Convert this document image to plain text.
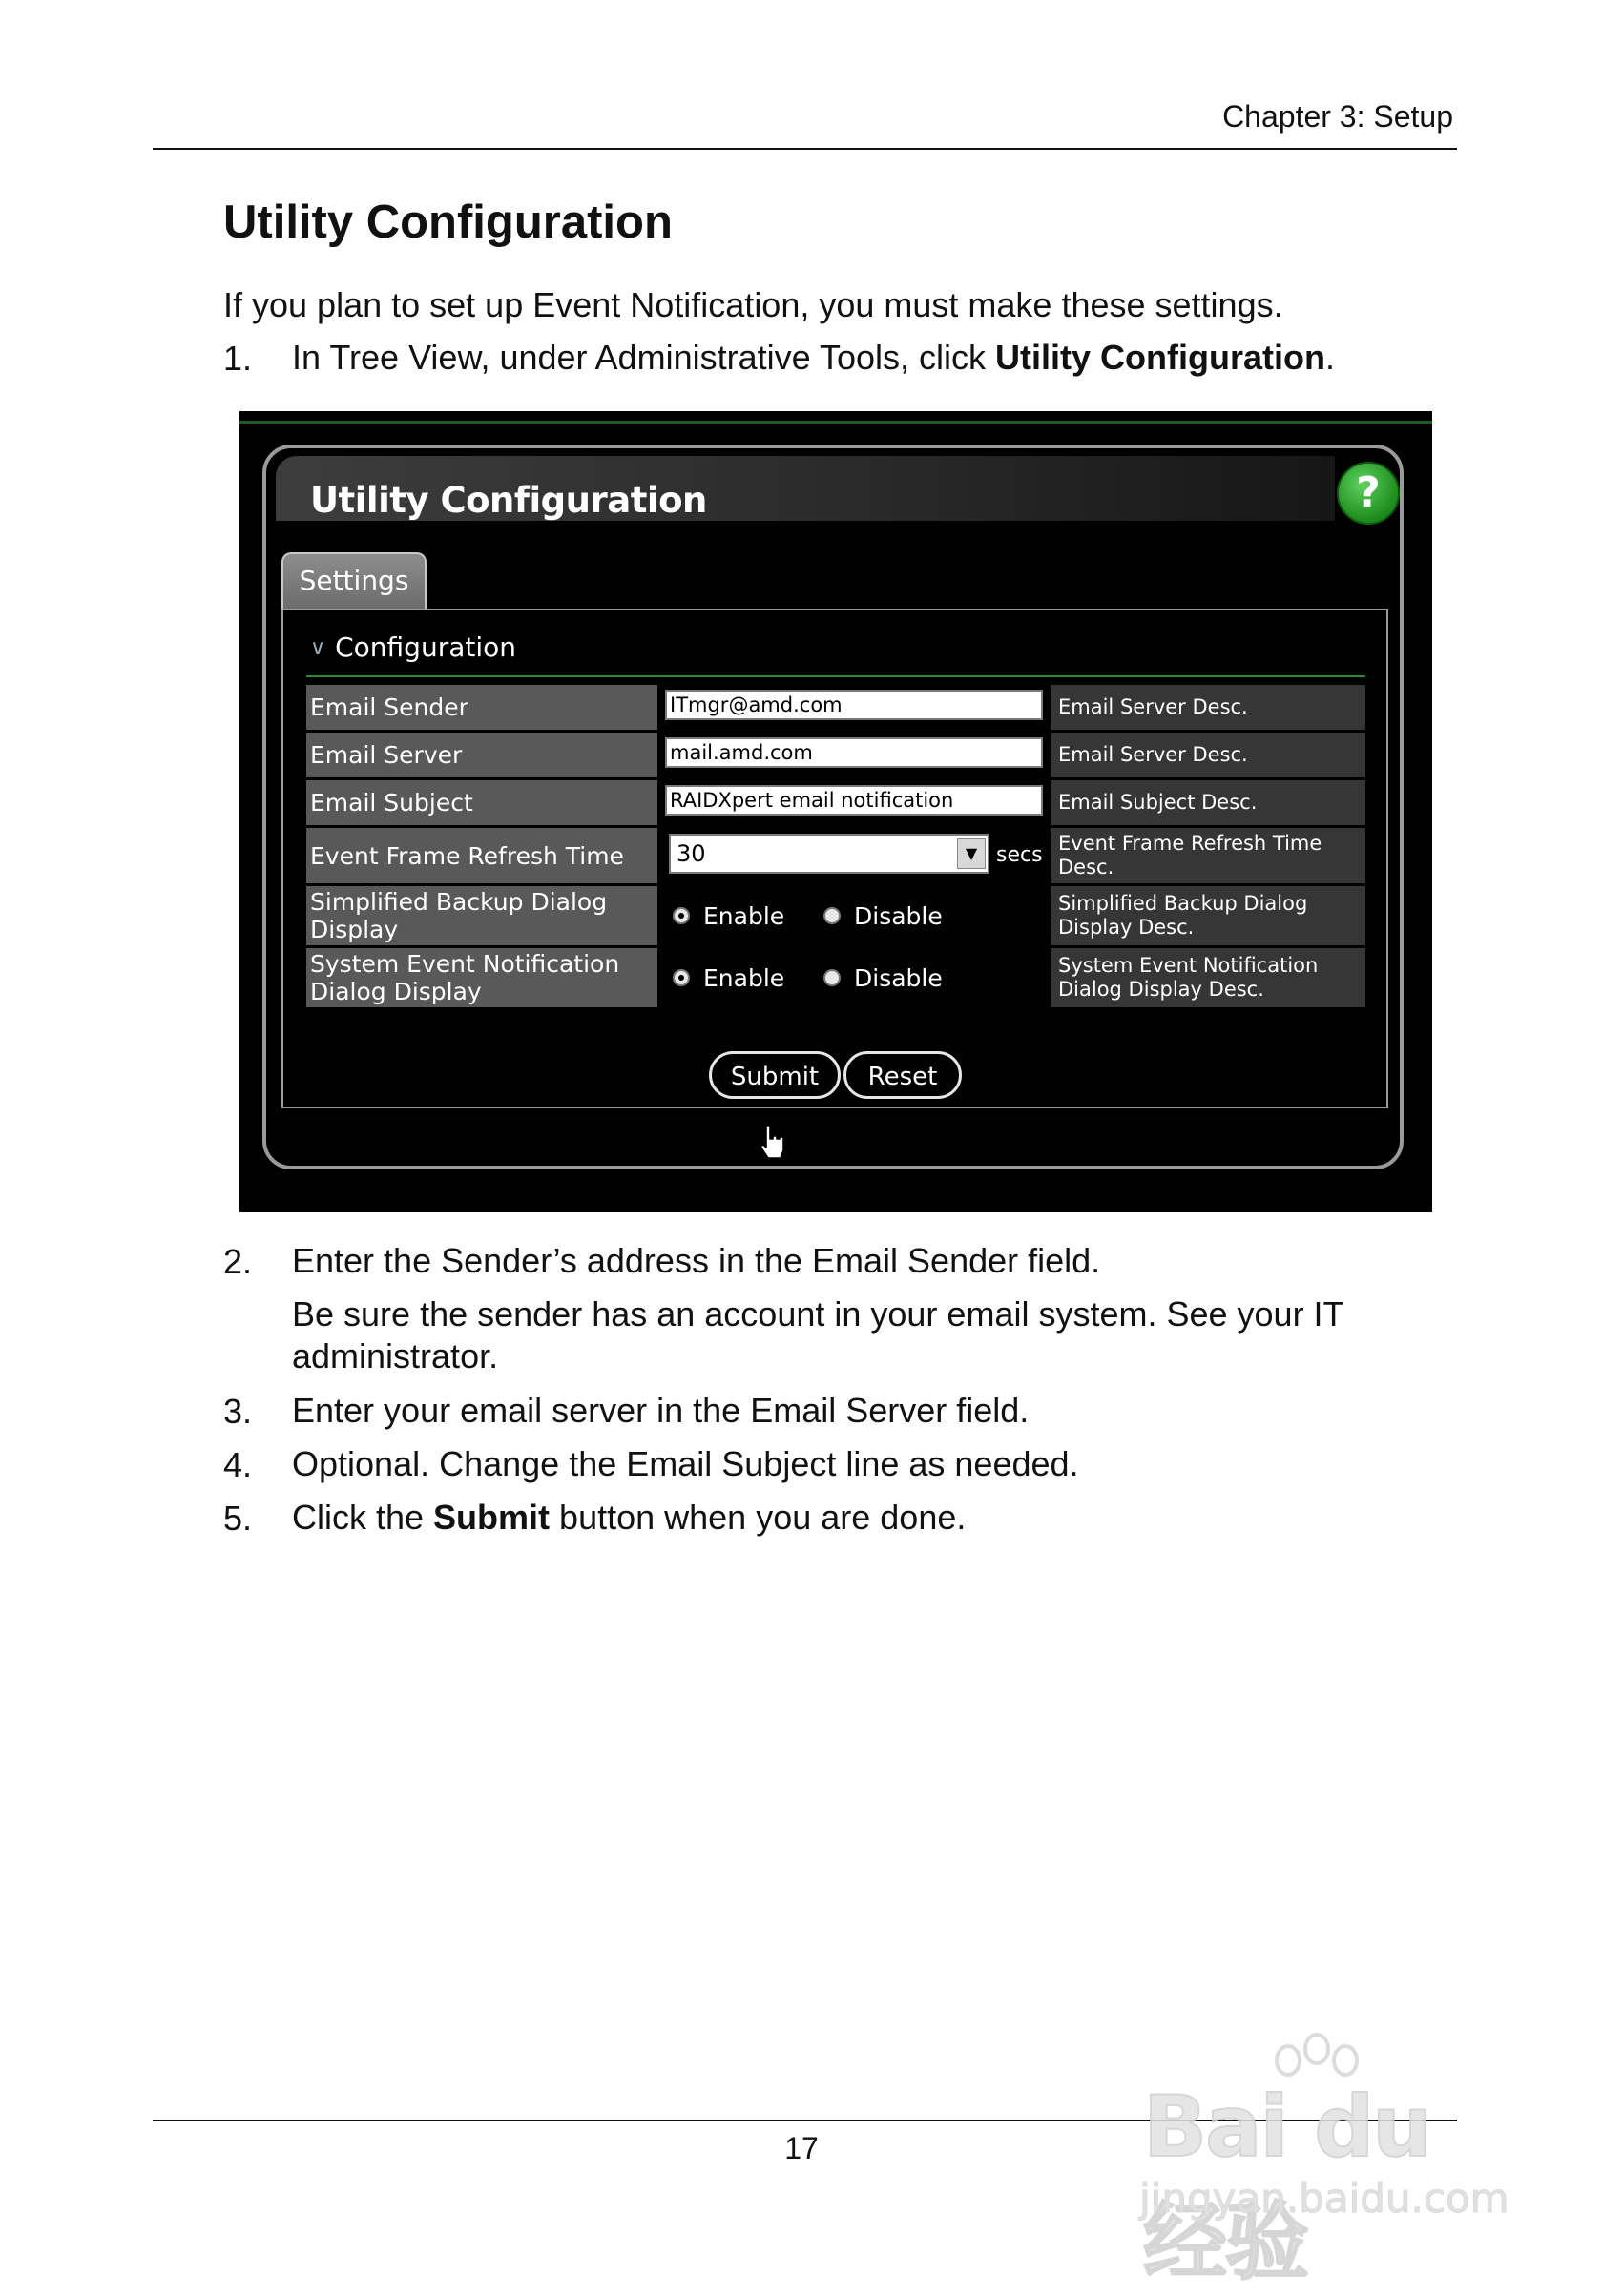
Chapter 3: Setup
Utility Configuration
If you plan to set up Event Notification, you must make these settings.
1. In Tree View, under Administrative Tools, click Utility Configuration.
Utility Configuration	?
Settings
∨ Configuration
Email Sender	ITmgr@amd.com	Email Server Desc.
Email Server	mail.amd.com	Email Server Desc.
Email Subject	RAIDXpert email notification	Email Subject Desc.
Event Frame Refresh Time	30	▼ secs Event Frame Refresh Time Desc.
Simplified Backup Dialog Display	Enable	Disable	Simplified Backup Dialog Display Desc.
System Event Notification Dialog Display	Enable	Disable	System Event Notification Dialog Display Desc.
Submit	Reset
2. Enter the Sender’s address in the Email Sender field.
Be sure the sender has an account in your email system. See your IT administrator.
3. Enter your email server in the Email Server field.
4. Optional. Change the Email Subject line as needed.
5. Click the Submit button when you are done.
17	Bai du 经验
jingyan.baidu.com
